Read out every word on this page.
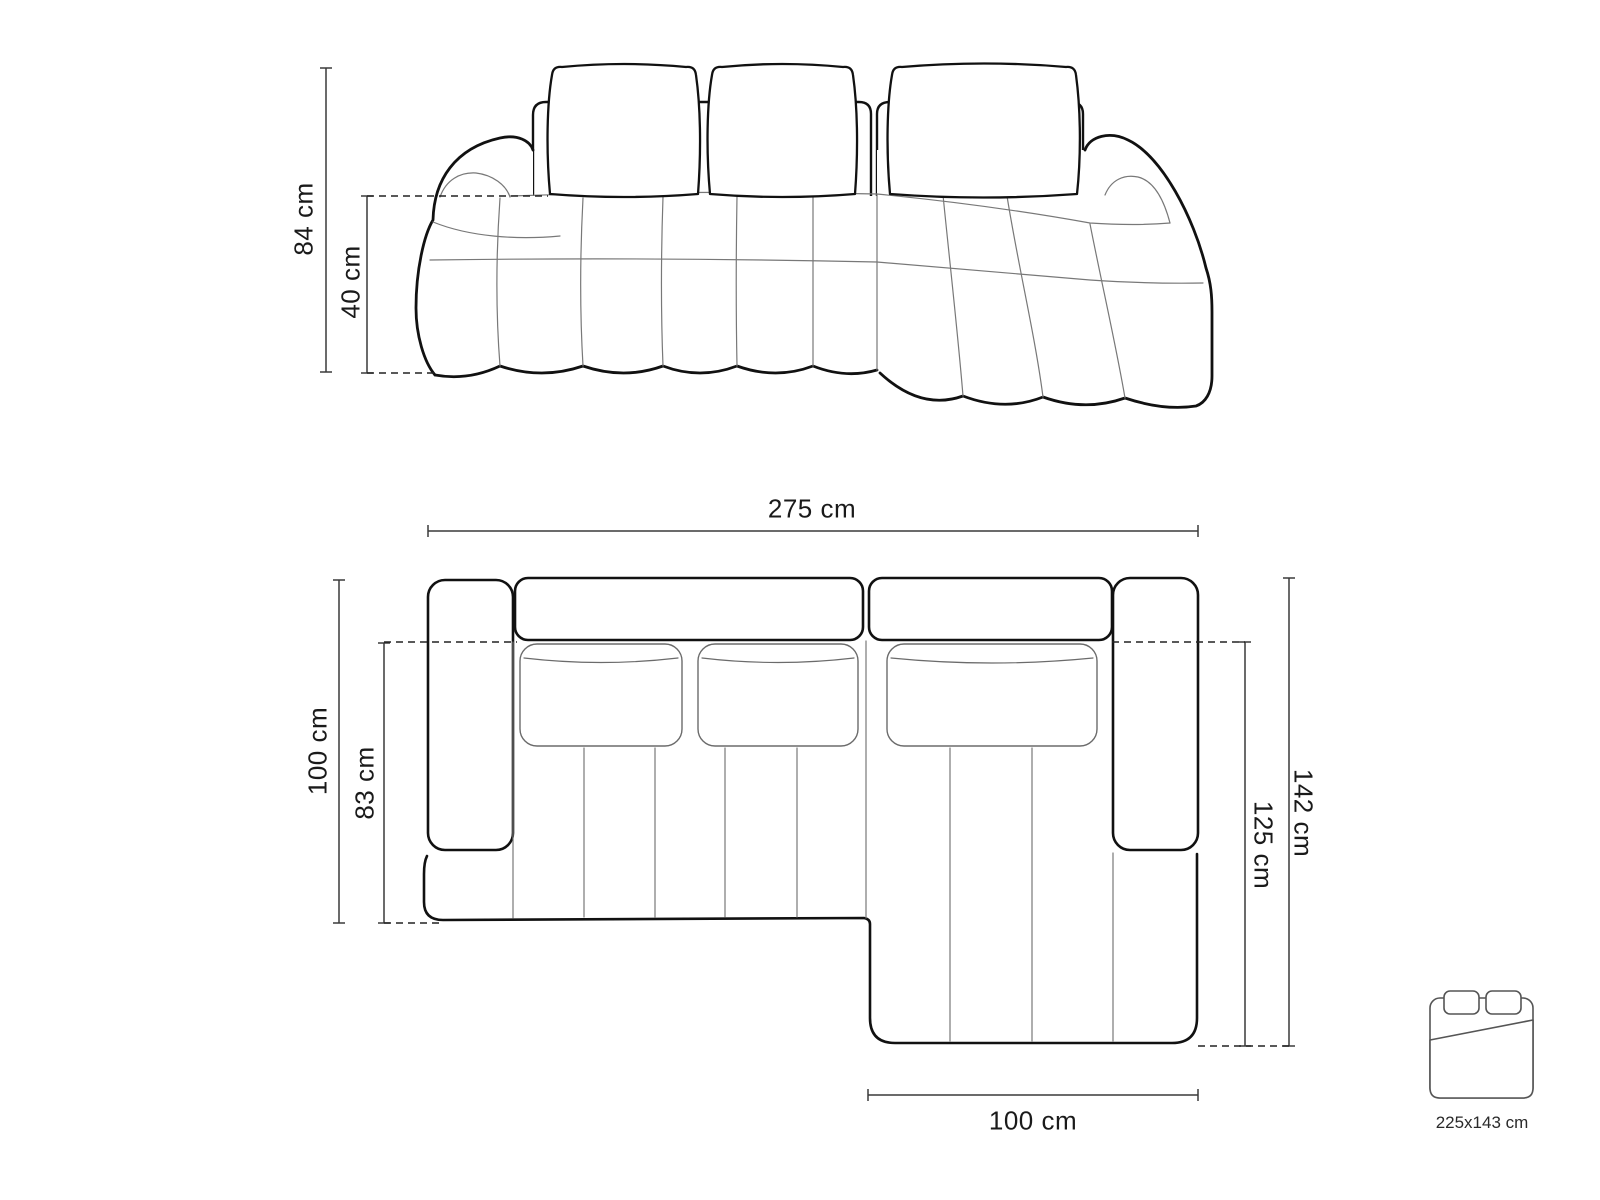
84 cm
40 cm
275 cm
100 cm 83 cm	142 cm
125 cm
100 cm	225x143 cm
